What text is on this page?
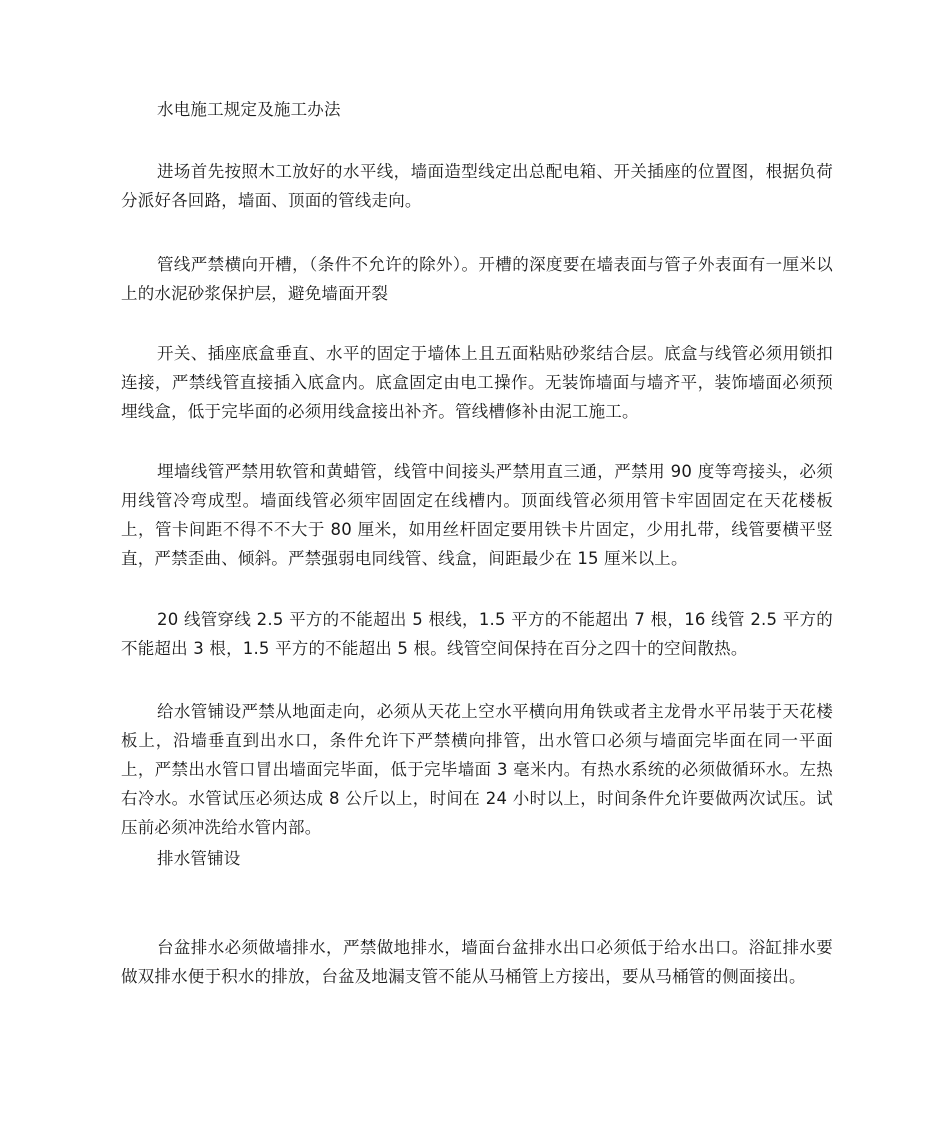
水电施工规定及施工办法

进场首先按照木工放好的水平线，墙面造型线定出总配电箱、开关插座的位置图，根据负荷分派好各回路，墙面、顶面的管线走向。

管线严禁横向开槽，（条件不允许的除外）。开槽的深度要在墙表面与管子外表面有一厘米以上的水泥砂浆保护层，避免墙面开裂

开关、插座底盒垂直、水平的固定于墙体上且五面粘贴砂浆结合层。底盒与线管必须用锁扣连接，严禁线管直接插入底盒内。底盒固定由电工操作。无装饰墙面与墙齐平，装饰墙面必须预埋线盒，低于完毕面的必须用线盒接出补齐。管线槽修补由泥工施工。

埋墙线管严禁用软管和黄蜡管，线管中间接头严禁用直三通，严禁用 90 度等弯接头，必须用线管冷弯成型。墙面线管必须牢固固定在线槽内。顶面线管必须用管卡牢固固定在天花楼板上，管卡间距不得不不大于 80 厘米，如用丝杆固定要用铁卡片固定，少用扎带，线管要横平竖直，严禁歪曲、倾斜。严禁强弱电同线管、线盒，间距最少在 15 厘米以上。

20 线管穿线 2.5 平方的不能超出 5 根线，1.5 平方的不能超出 7 根，16 线管 2.5 平方的不能超出 3 根，1.5 平方的不能超出 5 根。线管空间保持在百分之四十的空间散热。

给水管铺设严禁从地面走向，必须从天花上空水平横向用角铁或者主龙骨水平吊装于天花楼板上，沿墙垂直到出水口，条件允许下严禁横向排管，出水管口必须与墙面完毕面在同一平面上，严禁出水管口冒出墙面完毕面，低于完毕墙面 3 毫米内。有热水系统的必须做循环水。左热右冷水。水管试压必须达成 8 公斤以上，时间在 24 小时以上，时间条件允许要做两次试压。试压前必须冲洗给水管内部。

排水管铺设

台盆排水必须做墙排水，严禁做地排水，墙面台盆排水出口必须低于给水出口。浴缸排水要做双排水便于积水的排放，台盆及地漏支管不能从马桶管上方接出，要从马桶管的侧面接出。
